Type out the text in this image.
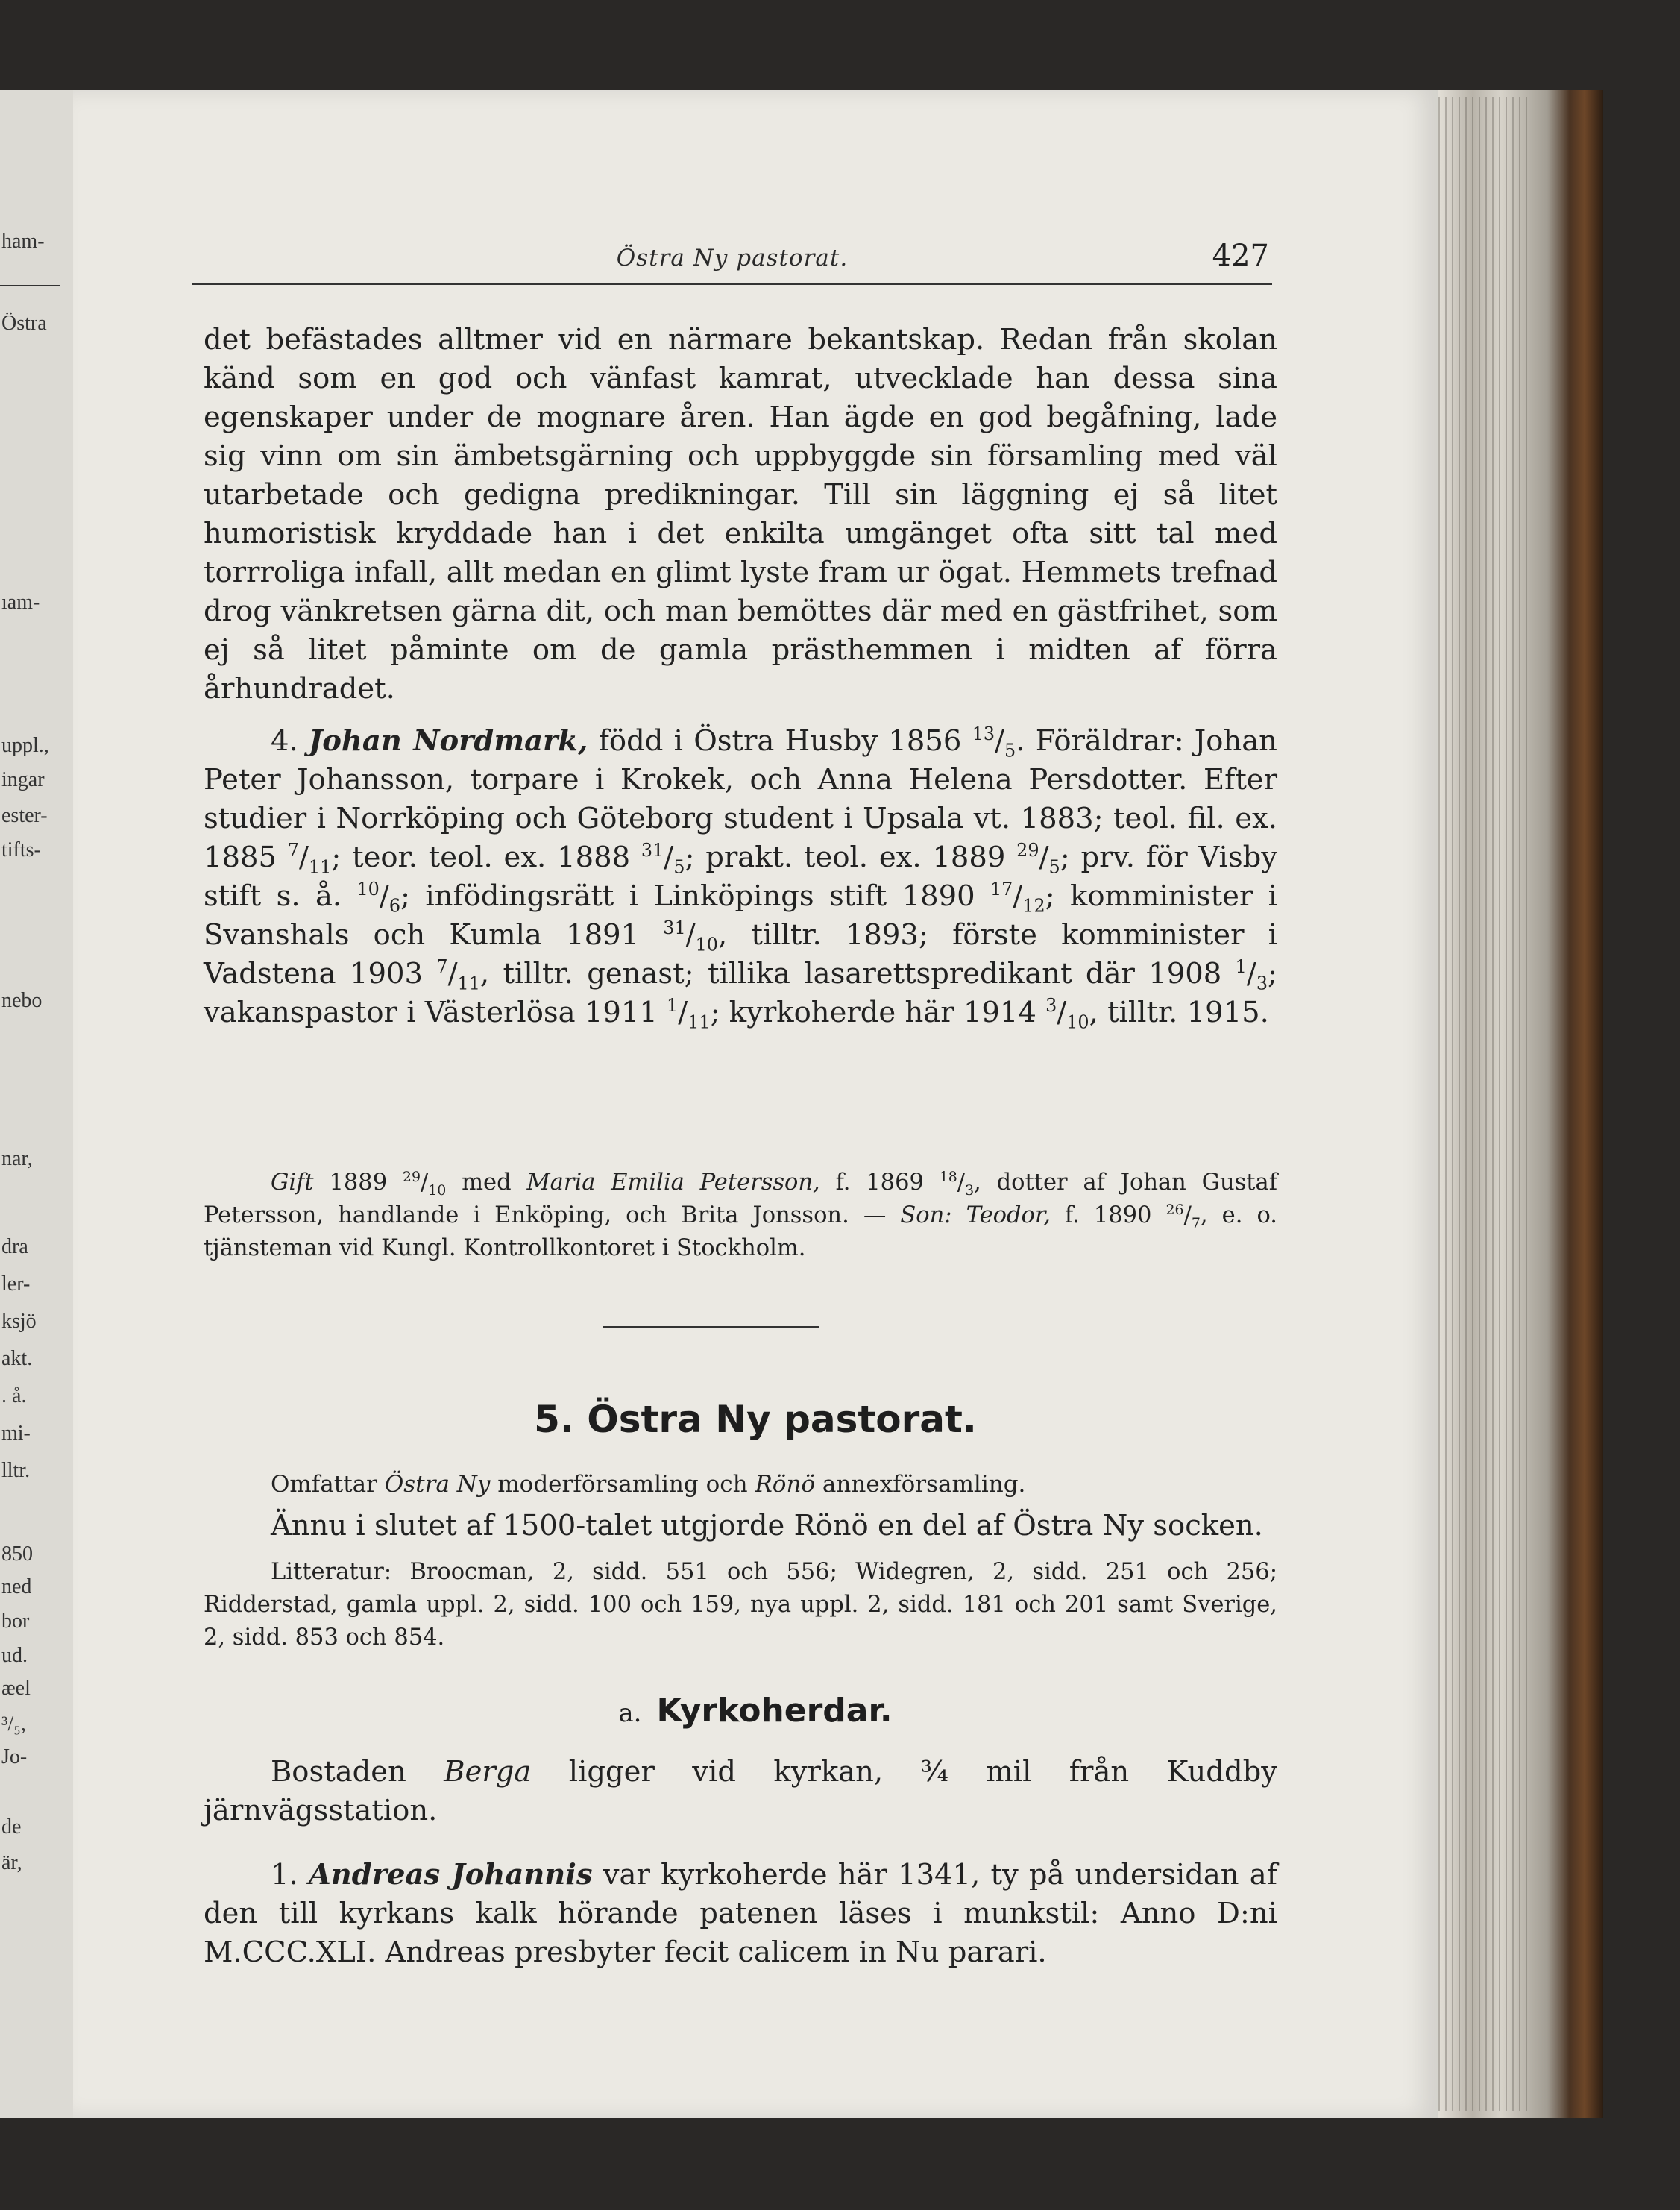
ham-
Östra
ıam-
uppl.,
ingar
ester-
tifts-
nebo
nar,
dra
ler-
ksjö
akt.
. å.
mi-
lltr.
850
ned
bor
ud.
æel
³/₅,
Jo-
de
är,
Östra Ny pastorat.	427

det befästades alltmer vid en närmare bekantskap. Redan från skolan känd som en god och vänfast kamrat, utvecklade han dessa sina egenskaper under de mognare åren. Han ägde en god begåfning, lade sig vinn om sin ämbetsgärning och uppbyggde sin församling med väl utarbetade och gedigna predikningar. Till sin läggning ej så litet humoristisk kryddade han i det enkilta umgänget ofta sitt tal med torrroliga infall, allt medan en glimt lyste fram ur ögat. Hemmets trefnad drog vänkretsen gärna dit, och man bemöttes där med en gästfrihet, som ej så litet påminte om de gamla prästhemmen i midten af förra århundradet.

4. Johan Nordmark, född i Östra Husby 1856 $^{13}/_5$. Föräldrar: Johan Peter Johansson, torpare i Krokek, och Anna Helena Persdotter. Efter studier i Norrköping och Göteborg student i Upsala vt. 1883; teol. fil. ex. 1885 $^7/_{11}$; teor. teol. ex. 1888 $^{31}/_5$; prakt. teol. ex. 1889 $^{29}/_5$; prv. för Visby stift s. å. $^{10}/_6$; infödingsrätt i Linköpings stift 1890 $^{17}/_{12}$; komminister i Svanshals och Kumla 1891 $^{31}/_{10}$, tilltr. 1893; förste komminister i Vadstena 1903 $^7/_{11}$, tilltr. genast; tillika lasarettspredikant där 1908 $^1/_3$; vakanspastor i Västerlösa 1911 $^1/_{11}$; kyrkoherde här 1914 $^3/_{10}$, tilltr. 1915.

Gift 1889 $^{29}/_{10}$ med Maria Emilia Petersson, f. 1869 $^{18}/_3$, dotter af Johan Gustaf Petersson, handlande i Enköping, och Brita Jonsson. — Son: Teodor, f. 1890 $^{26}/_7$, e. o. tjänsteman vid Kungl. Kontrollkontoret i Stockholm.

5. Östra Ny pastorat.

Omfattar Östra Ny moderförsamling och Rönö annexförsamling.

Ännu i slutet af 1500-talet utgjorde Rönö en del af Östra Ny socken.

Litteratur: Broocman, 2, sidd. 551 och 556; Widegren, 2, sidd. 251 och 256; Ridderstad, gamla uppl. 2, sidd. 100 och 159, nya uppl. 2, sidd. 181 och 201 samt Sverige, 2, sidd. 853 och 854.

a. Kyrkoherdar.

Bostaden Berga ligger vid kyrkan, ¾ mil från Kuddby järnvägsstation.

1. Andreas Johannis var kyrkoherde här 1341, ty på undersidan af den till kyrkans kalk hörande patenen läses i munkstil: Anno D:ni M.CCC.XLI. Andreas presbyter fecit calicem in Nu parari.
